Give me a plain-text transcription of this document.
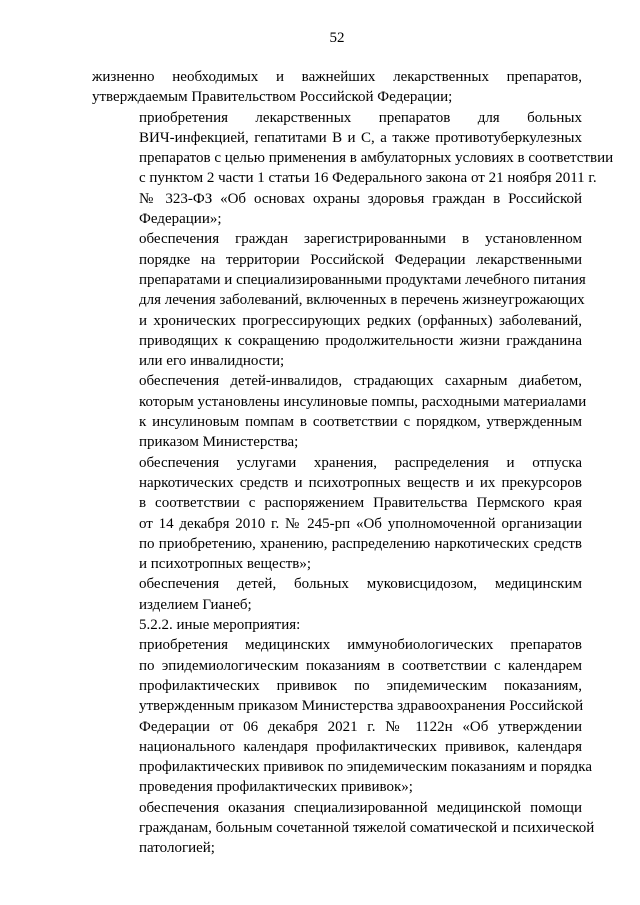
52

жизненно необходимых и важнейших лекарственных препаратов,
утверждаемым Правительством Российской Федерации;

приобретения лекарственных препаратов для больных
ВИЧ-инфекцией, гепатитами В и С, а также противотуберкулезных
препаратов с целью применения в амбулаторных условиях в соответствии
с пунктом 2 части 1 статьи 16 Федерального закона от 21 ноября 2011 г.
№ 323-ФЗ «Об основах охраны здоровья граждан в Российской
Федерации»;

обеспечения граждан зарегистрированными в установленном
порядке на территории Российской Федерации лекарственными
препаратами и специализированными продуктами лечебного питания
для лечения заболеваний, включенных в перечень жизнеугрожающих
и хронических прогрессирующих редких (орфанных) заболеваний,
приводящих к сокращению продолжительности жизни гражданина
или его инвалидности;

обеспечения детей-инвалидов, страдающих сахарным диабетом,
которым установлены инсулиновые помпы, расходными материалами
к инсулиновым помпам в соответствии с порядком, утвержденным
приказом Министерства;

обеспечения услугами хранения, распределения и отпуска
наркотических средств и психотропных веществ и их прекурсоров
в соответствии с распоряжением Правительства Пермского края
от 14 декабря 2010 г. № 245-рп «Об уполномоченной организации
по приобретению, хранению, распределению наркотических средств
и психотропных веществ»;

обеспечения детей, больных муковисцидозом, медицинским
изделием Гианеб;

5.2.2. иные мероприятия:

приобретения медицинских иммунобиологических препаратов
по эпидемиологическим показаниям в соответствии с календарем
профилактических прививок по эпидемическим показаниям,
утвержденным приказом Министерства здравоохранения Российской
Федерации от 06 декабря 2021 г. № 1122н «Об утверждении
национального календаря профилактических прививок, календаря
профилактических прививок по эпидемическим показаниям и порядка
проведения профилактических прививок»;

обеспечения оказания специализированной медицинской помощи
гражданам, больным сочетанной тяжелой соматической и психической
патологией;
